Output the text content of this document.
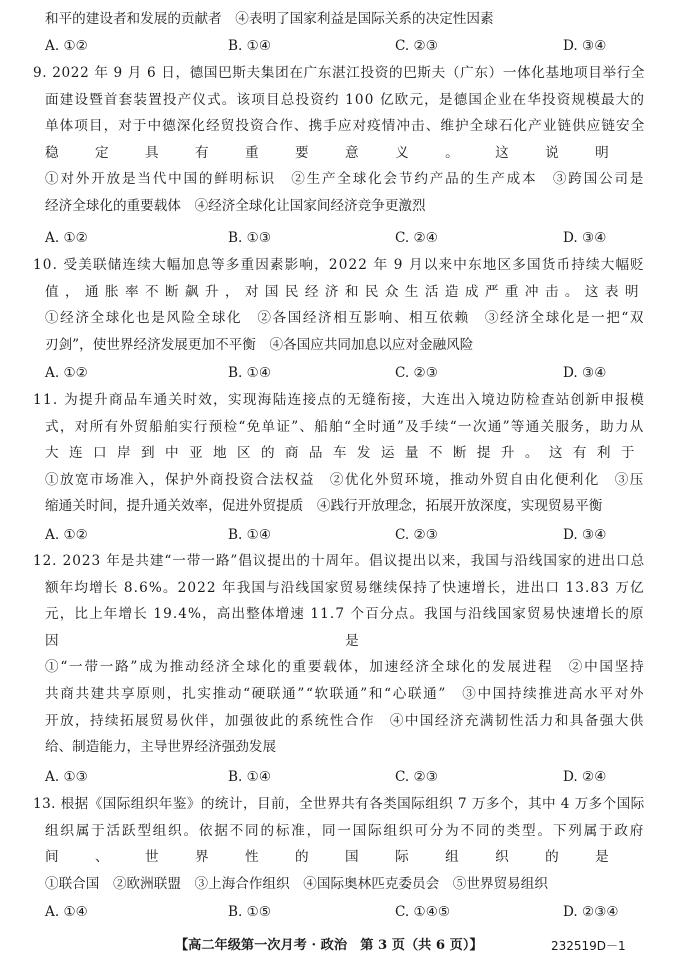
和平的建设者和发展的贡献者　④表明了国家利益是国际关系的决定性因素
A. ①②	B. ①④	C. ②③	D. ③④
9. 2022 年 9 月 6 日，德国巴斯夫集团在广东湛江投资的巴斯夫（广东）一体化基地项目举行全
面建设暨首套装置投产仪式。该项目总投资约 100 亿欧元，是德国企业在华投资规模最大的
单体项目，对于中德深化经贸投资合作、携手应对疫情冲击、维护全球石化产业链供应链安全
稳定具有重要意义。这说明
①对外开放是当代中国的鲜明标识　②生产全球化会节约产品的生产成本　③跨国公司是
经济全球化的重要载体　④经济全球化让国家间经济竞争更激烈
A. ①②	B. ①③	C. ②④	D. ③④
10. 受美联储连续大幅加息等多重因素影响，2022 年 9 月以来中东地区多国货币持续大幅贬
值，通胀率不断飙升，对国民经济和民众生活造成严重冲击。这表明
①经济全球化也是风险全球化　②各国经济相互影响、相互依赖　③经济全球化是一把“双
刃剑”，使世界经济发展更加不平衡　④各国应共同加息以应对金融风险
A. ①②	B. ①④	C. ②③	D. ③④
11. 为提升商品车通关时效，实现海陆连接点的无缝衔接，大连出入境边防检查站创新申报模
式，对所有外贸船舶实行预检“免单证”、船舶“全时通”及手续“一次通”等通关服务，助力从
大连口岸到中亚地区的商品车发运量不断提升。这有利于
①放宽市场准入，保护外商投资合法权益　②优化外贸环境，推动外贸自由化便利化　③压
缩通关时间，提升通关效率，促进外贸提质　④践行开放理念，拓展开放深度，实现贸易平衡
A. ①②	B. ①④	C. ②③	D. ③④
12. 2023 年是共建“一带一路”倡议提出的十周年。倡议提出以来，我国与沿线国家的进出口总
额年均增长 8.6%。2022 年我国与沿线国家贸易继续保持了快速增长，进出口 13.83 万亿
元，比上年增长 19.4%，高出整体增速 11.7 个百分点。我国与沿线国家贸易快速增长的原
因是
①“一带一路”成为推动经济全球化的重要载体，加速经济全球化的发展进程　②中国坚持
共商共建共享原则，扎实推动“硬联通”“软联通”和“心联通”　③中国持续推进高水平对外
开放，持续拓展贸易伙伴，加强彼此的系统性合作　④中国经济充满韧性活力和具备强大供
给、制造能力，主导世界经济强劲发展
A. ①③	B. ①④	C. ②③	D. ②④
13. 根据《国际组织年鉴》的统计，目前，全世界共有各类国际组织 7 万多个，其中 4 万多个国际
组织属于活跃型组织。依据不同的标准，同一国际组织可分为不同的类型。下列属于政府
间、世界性的国际组织的是
①联合国　②欧洲联盟　③上海合作组织　④国际奥林匹克委员会　⑤世界贸易组织
A. ①④	B. ①⑤	C. ①④⑤	D. ②③④
【高二年级第一次月考 · 政治　第 3 页（共 6 页）】	232519D－1
